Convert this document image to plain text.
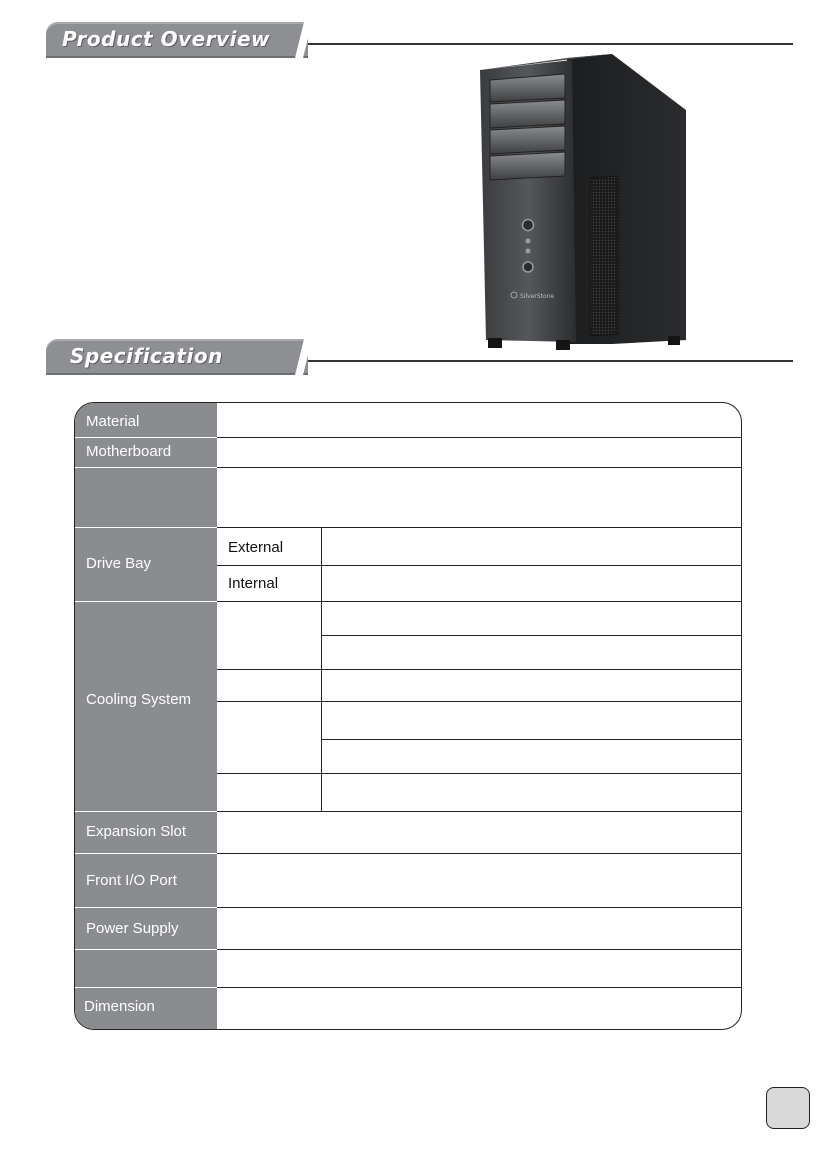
Product Overview
SilverStone
Specification
Material
Motherboard
Drive Bay
Cooling System
Expansion Slot
Front I/O Port
Power Supply
Dimension
External
Internal
